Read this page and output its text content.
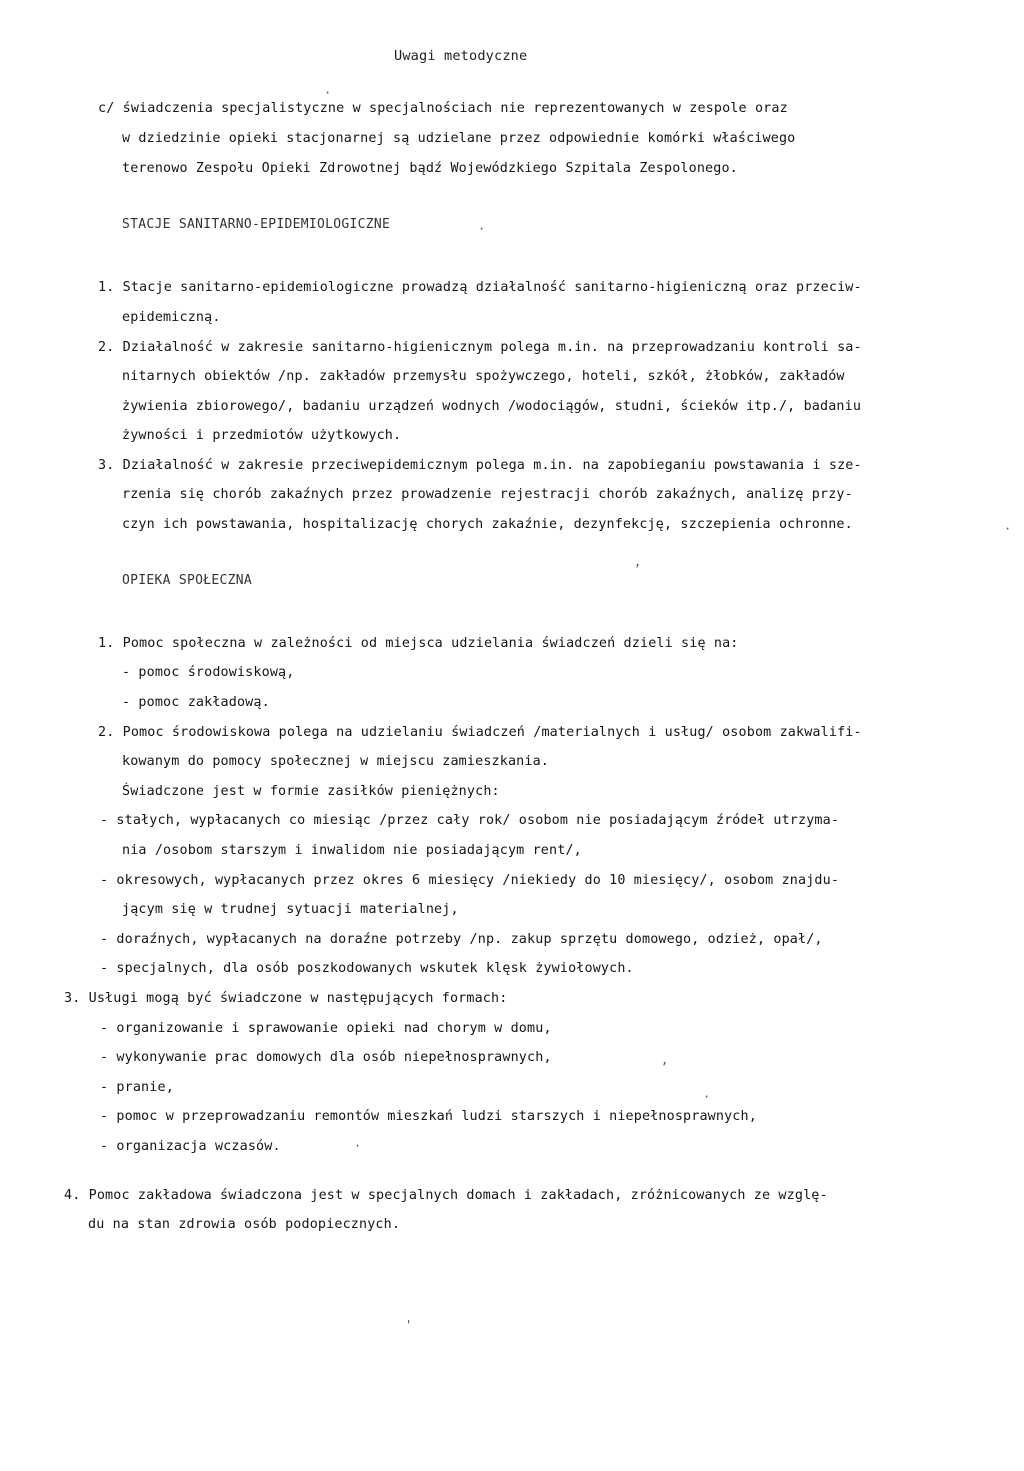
Uwagi metodyczne
c/ świadczenia specjalistyczne w specjalnościach nie reprezentowanych w zespole oraz
w dziedzinie opieki stacjonarnej są udzielane przez odpowiednie komórki właściwego
terenowo Zespołu Opieki Zdrowotnej bądź Wojewódzkiego Szpitala Zespolonego.
STACJE SANITARNO-EPIDEMIOLOGICZNE
1. Stacje sanitarno-epidemiologiczne prowadzą działalność sanitarno-higieniczną oraz przeciw-
epidemiczną.
2. Działalność w zakresie sanitarno-higienicznym polega m.in. na przeprowadzaniu kontroli sa-
nitarnych obiektów /np. zakładów przemysłu spożywczego, hoteli, szkół, żłobków, zakładów
żywienia zbiorowego/, badaniu urządzeń wodnych /wodociągów, studni, ścieków itp./, badaniu
żywności i przedmiotów użytkowych.
3. Działalność w zakresie przeciwepidemicznym polega m.in. na zapobieganiu powstawania i sze-
rzenia się chorób zakaźnych przez prowadzenie rejestracji chorób zakaźnych, analizę przy-
czyn ich powstawania, hospitalizację chorych zakaźnie, dezynfekcję, szczepienia ochronne.
OPIEKA SPOŁECZNA
1. Pomoc społeczna w zależności od miejsca udzielania świadczeń dzieli się na:
- pomoc środowiskową,
- pomoc zakładową.
2. Pomoc środowiskowa polega na udzielaniu świadczeń /materialnych i usług/ osobom zakwalifi-
kowanym do pomocy społecznej w miejscu zamieszkania.
Świadczone jest w formie zasiłków pieniężnych:
- stałych, wypłacanych co miesiąc /przez cały rok/ osobom nie posiadającym źródeł utrzyma-
nia /osobom starszym i inwalidom nie posiadającym rent/,
- okresowych, wypłacanych przez okres 6 miesięcy /niekiedy do 10 miesięcy/, osobom znajdu-
jącym się w trudnej sytuacji materialnej,
- doraźnych, wypłacanych na doraźne potrzeby /np. zakup sprzętu domowego, odzież, opał/,
- specjalnych, dla osób poszkodowanych wskutek klęsk żywiołowych.
3. Usługi mogą być świadczone w następujących formach:
- organizowanie i sprawowanie opieki nad chorym w domu,
- wykonywanie prac domowych dla osób niepełnosprawnych,
- pranie,
- pomoc w przeprowadzaniu remontów mieszkań ludzi starszych i niepełnosprawnych,
- organizacja wczasów.
4. Pomoc zakładowa świadczona jest w specjalnych domach i zakładach, zróżnicowanych ze wzglę-
du na stan zdrowia osób podopiecznych.
·
·
,
,
·
·
'
·
